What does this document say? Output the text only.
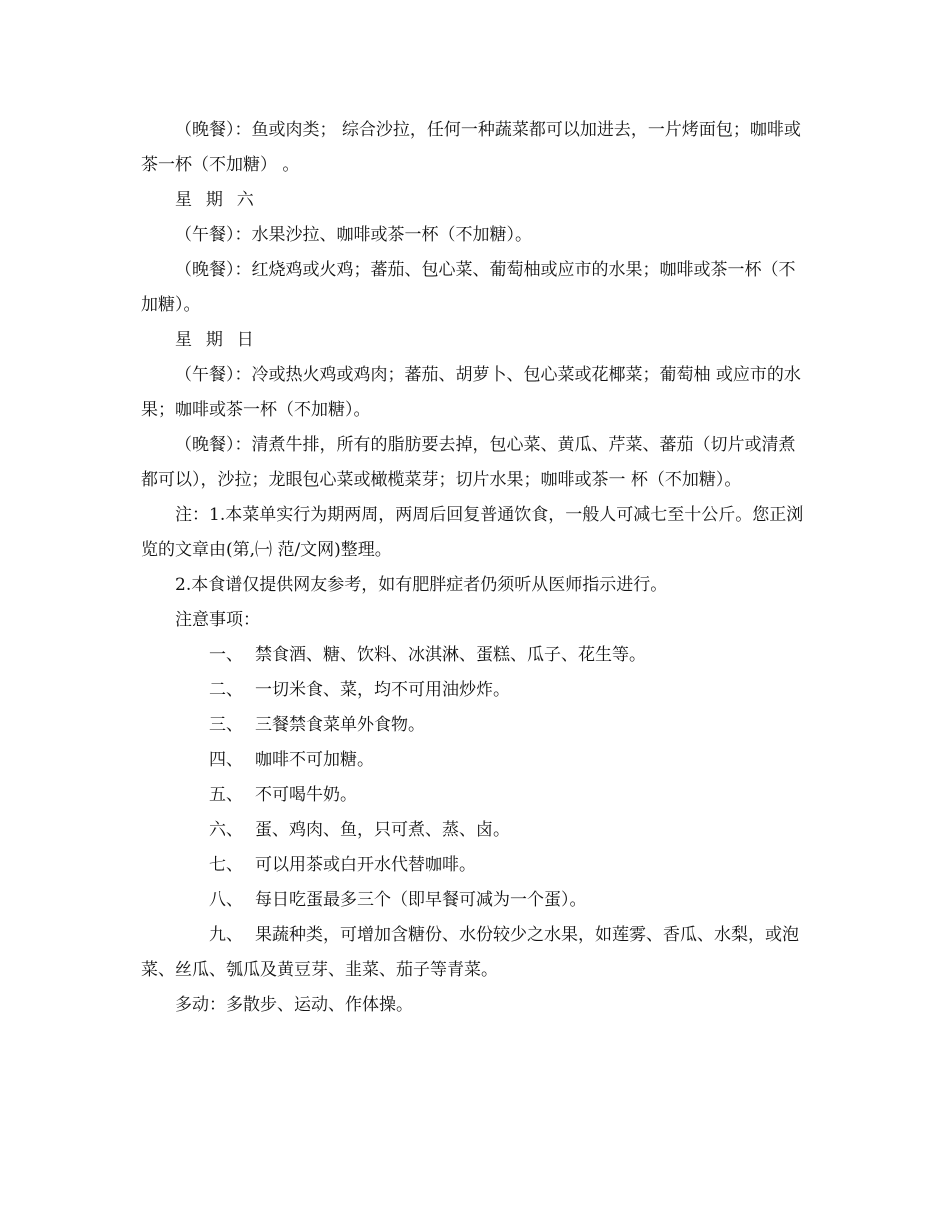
（晚餐）：鱼或肉类； 综合沙拉，任何一种蔬菜都可以加进去，一片烤面包；咖啡或茶一杯（不加糖） 。

星 期 六

（午餐）：水果沙拉、咖啡或茶一杯（不加糖）。

（晚餐）：红烧鸡或火鸡；蕃茄、包心菜、葡萄柚或应市的水果；咖啡或茶一杯（不加糖）。

星 期 日

（午餐）：冷或热火鸡或鸡肉；蕃茄、胡萝卜、包心菜或花椰菜；葡萄柚 或应市的水果；咖啡或茶一杯（不加糖）。

（晚餐）：清煮牛排，所有的脂肪要去掉，包心菜、黄瓜、芹菜、蕃茄（切片或清煮都可以），沙拉；龙眼包心菜或橄榄菜芽；切片水果；咖啡或茶一 杯（不加糖）。

注：1.本菜单实行为期两周，两周后回复普通饮食，一般人可减七至十公斤。您正浏览的文章由(第,㈠ 范/文网)整理。

2.本食谱仅提供网友参考，如有肥胖症者仍须听从医师指示进行。

注意事项：

一、 禁食酒、糖、饮料、冰淇淋、蛋糕、瓜子、花生等。

二、 一切米食、菜，均不可用油炒炸。

三、 三餐禁食菜单外食物。

四、 咖啡不可加糖。

五、 不可喝牛奶。

六、 蛋、鸡肉、鱼，只可煮、蒸、卤。

七、 可以用茶或白开水代替咖啡。

八、 每日吃蛋最多三个（即早餐可减为一个蛋）。

九、 果蔬种类，可增加含糖份、水份较少之水果，如莲雾、香瓜、水梨，或泡菜、丝瓜、瓠瓜及黄豆芽、韭菜、茄子等青菜。

多动：多散步、运动、作体操。
